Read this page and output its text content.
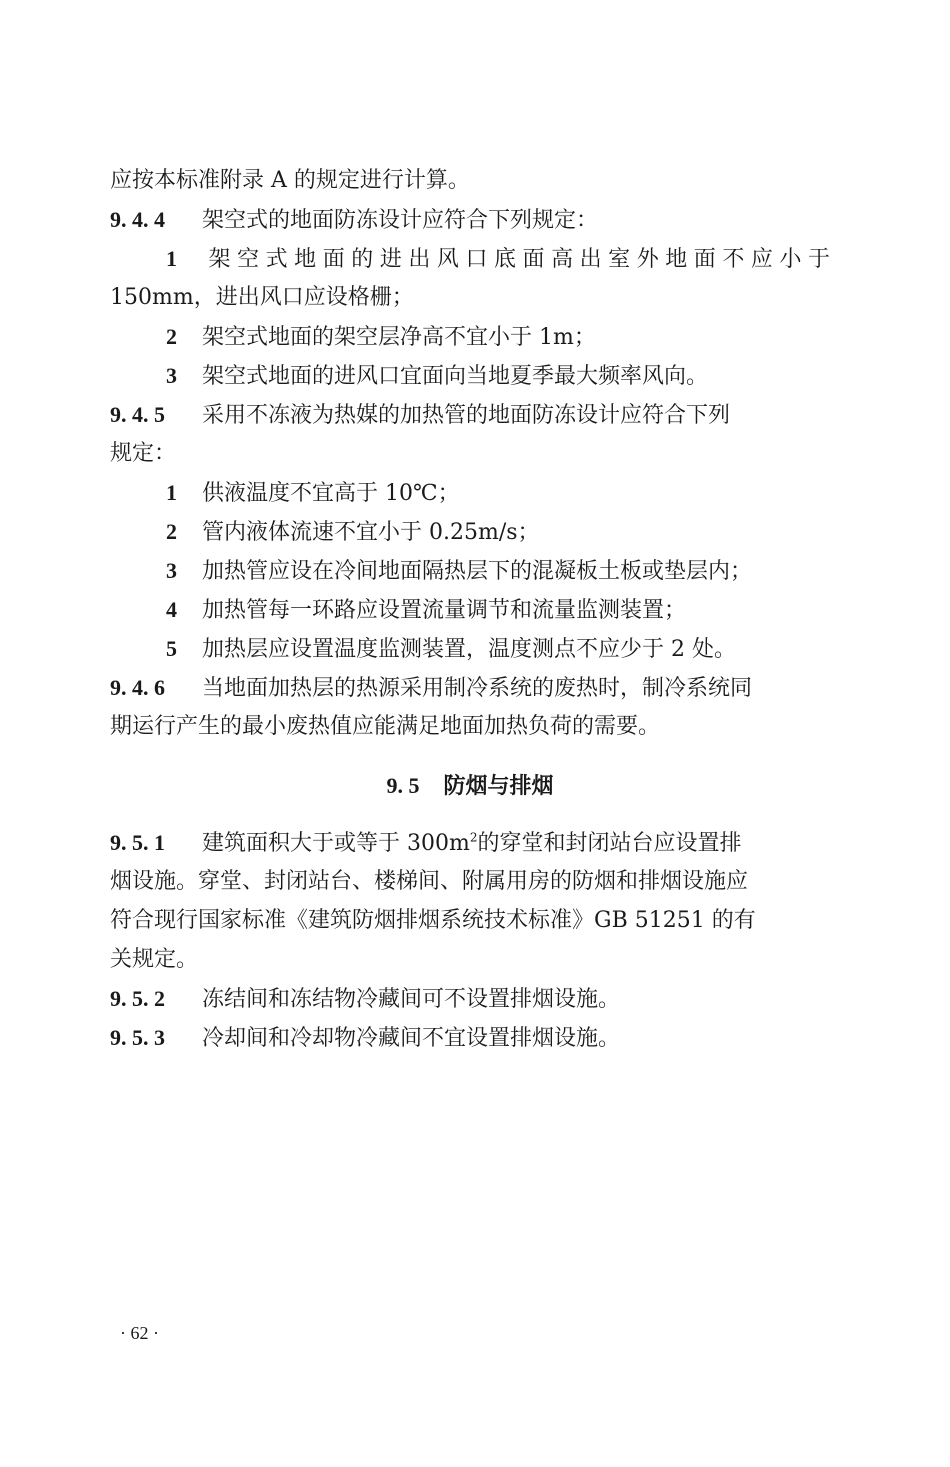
应按本标准附录 A 的规定进行计算。
9. 4. 4 架空式的地面防冻设计应符合下列规定：
1 架空式地面的进出风口底面高出室外地面不应小于
150mm，进出风口应设格栅；
2 架空式地面的架空层净高不宜小于 1m；
3 架空式地面的进风口宜面向当地夏季最大频率风向。
9. 4. 5 采用不冻液为热媒的加热管的地面防冻设计应符合下列
规定：
1 供液温度不宜高于 10℃；
2 管内液体流速不宜小于 0.25m/s；
3 加热管应设在冷间地面隔热层下的混凝板土板或垫层内；
4 加热管每一环路应设置流量调节和流量监测装置；
5 加热层应设置温度监测装置，温度测点不应少于 2 处。
9. 4. 6 当地面加热层的热源采用制冷系统的废热时，制冷系统同
期运行产生的最小废热值应能满足地面加热负荷的需要。
9. 5 防烟与排烟
9. 5. 1 建筑面积大于或等于 $300m^2$的穿堂和封闭站台应设置排
烟设施。穿堂、封闭站台、楼梯间、附属用房的防烟和排烟设施应
符合现行国家标准《建筑防烟排烟系统技术标准》GB 51251 的有
关规定。
9. 5. 2 冻结间和冻结物冷藏间可不设置排烟设施。
9. 5. 3 冷却间和冷却物冷藏间不宜设置排烟设施。
· 62 ·
